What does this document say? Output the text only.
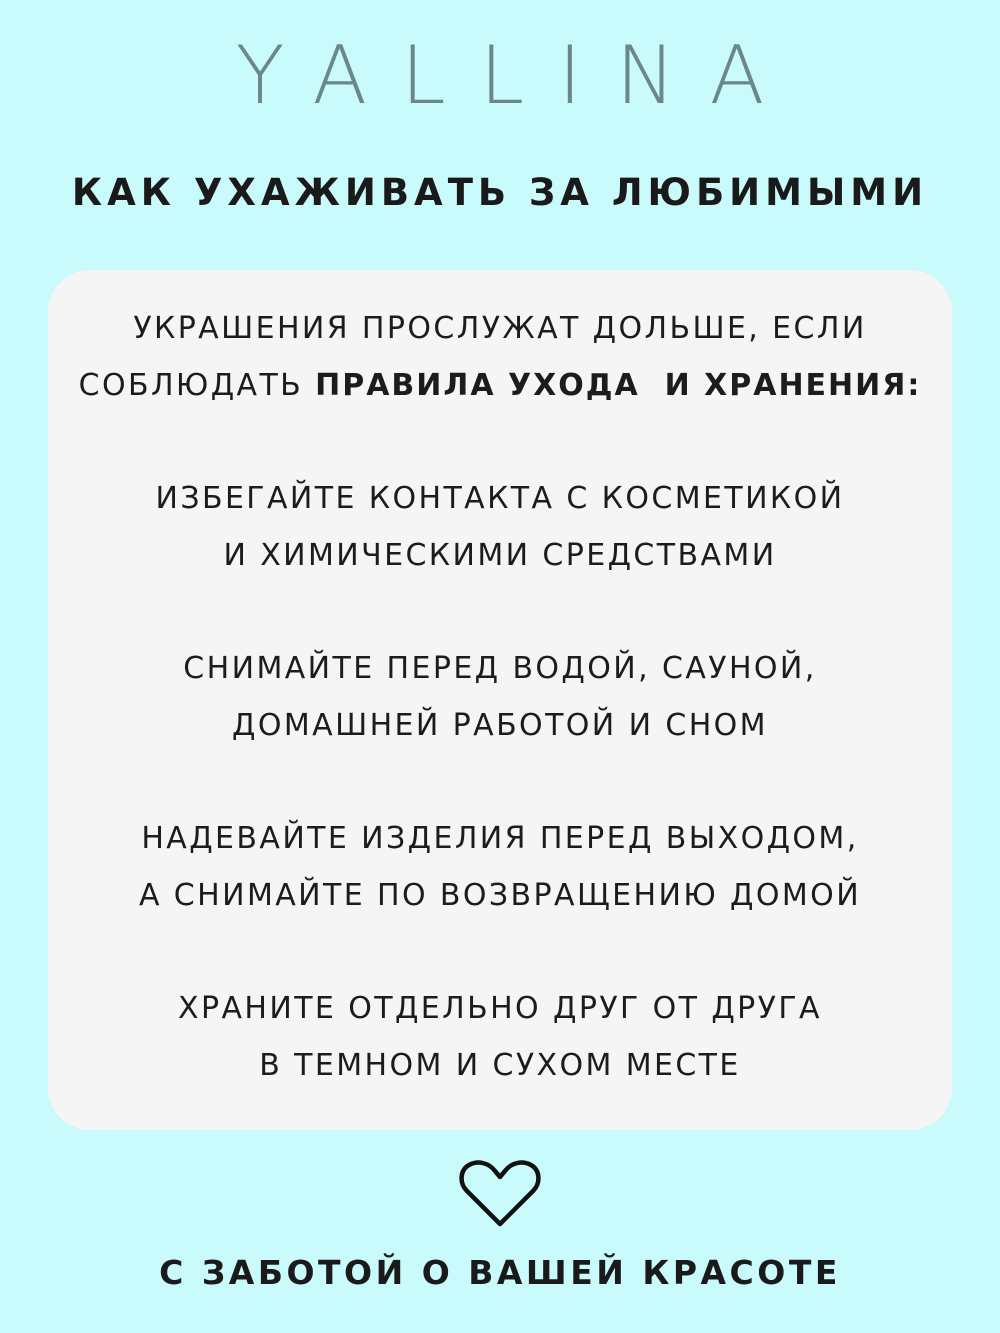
YALLINA
КАК УХАЖИВАТЬ ЗА ЛЮБИМЫМИ
УКРАШЕНИЯ ПРОСЛУЖАТ ДОЛЬШЕ, ЕСЛИ
СОБЛЮДАТЬ ПРАВИЛА УХОДА  И ХРАНЕНИЯ:
ИЗБЕГАЙТЕ КОНТАКТА С КОСМЕТИКОЙ
И ХИМИЧЕСКИМИ СРЕДСТВАМИ
СНИМАЙТЕ ПЕРЕД ВОДОЙ, САУНОЙ,
ДОМАШНЕЙ РАБОТОЙ И СНОМ
НАДЕВАЙТЕ ИЗДЕЛИЯ ПЕРЕД ВЫХОДОМ,
А СНИМАЙТЕ ПО ВОЗВРАЩЕНИЮ ДОМОЙ
ХРАНИТЕ ОТДЕЛЬНО ДРУГ ОТ ДРУГА
В ТЕМНОМ И СУХОМ МЕСТЕ
С ЗАБОТОЙ О ВАШЕЙ КРАСОТЕ
